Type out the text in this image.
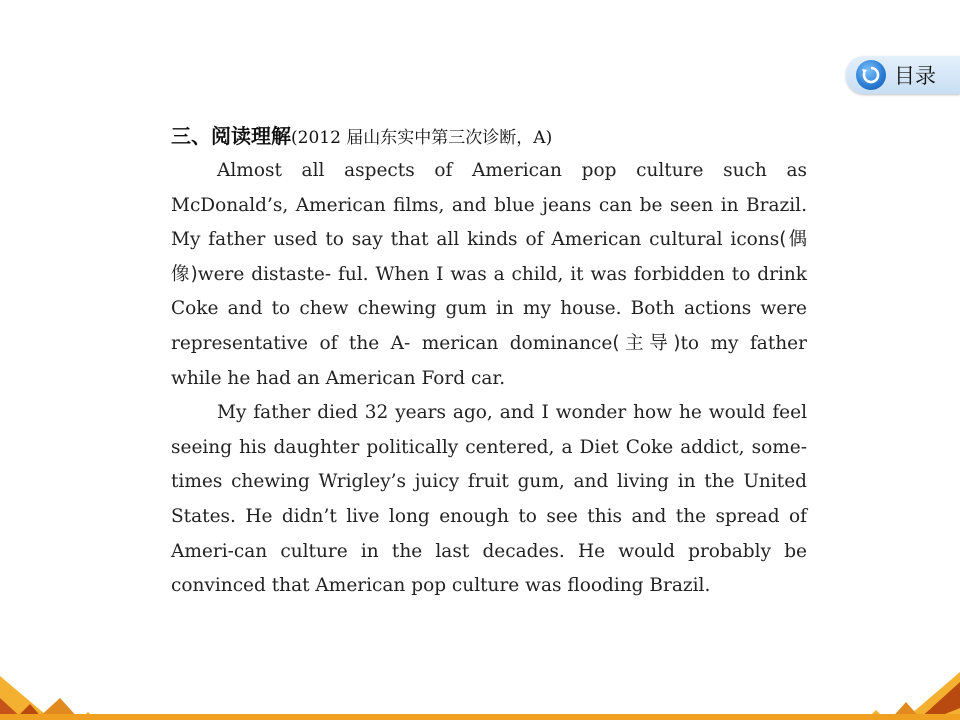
目录
三、阅读理解(2012 届山东实中第三次诊断，A)

Almost all aspects of American pop culture such as McDonald’s, American films, and blue jeans can be seen in Brazil. My father used to say that all kinds of American cultural icons(偶像)were distaste- ful. When I was a child, it was forbidden to drink Coke and to chew chewing gum in my house. Both actions were representative of the A- merican dominance(主导)to my father while he had an American Ford car.

My father died 32 years ago, and I wonder how he would feel seeing his daughter politically centered, a Diet Coke addict, some-times chewing Wrigley’s juicy fruit gum, and living in the United States. He didn’t live long enough to see this and the spread of Ameri-can culture in the last decades. He would probably be convinced that American pop culture was flooding Brazil.
